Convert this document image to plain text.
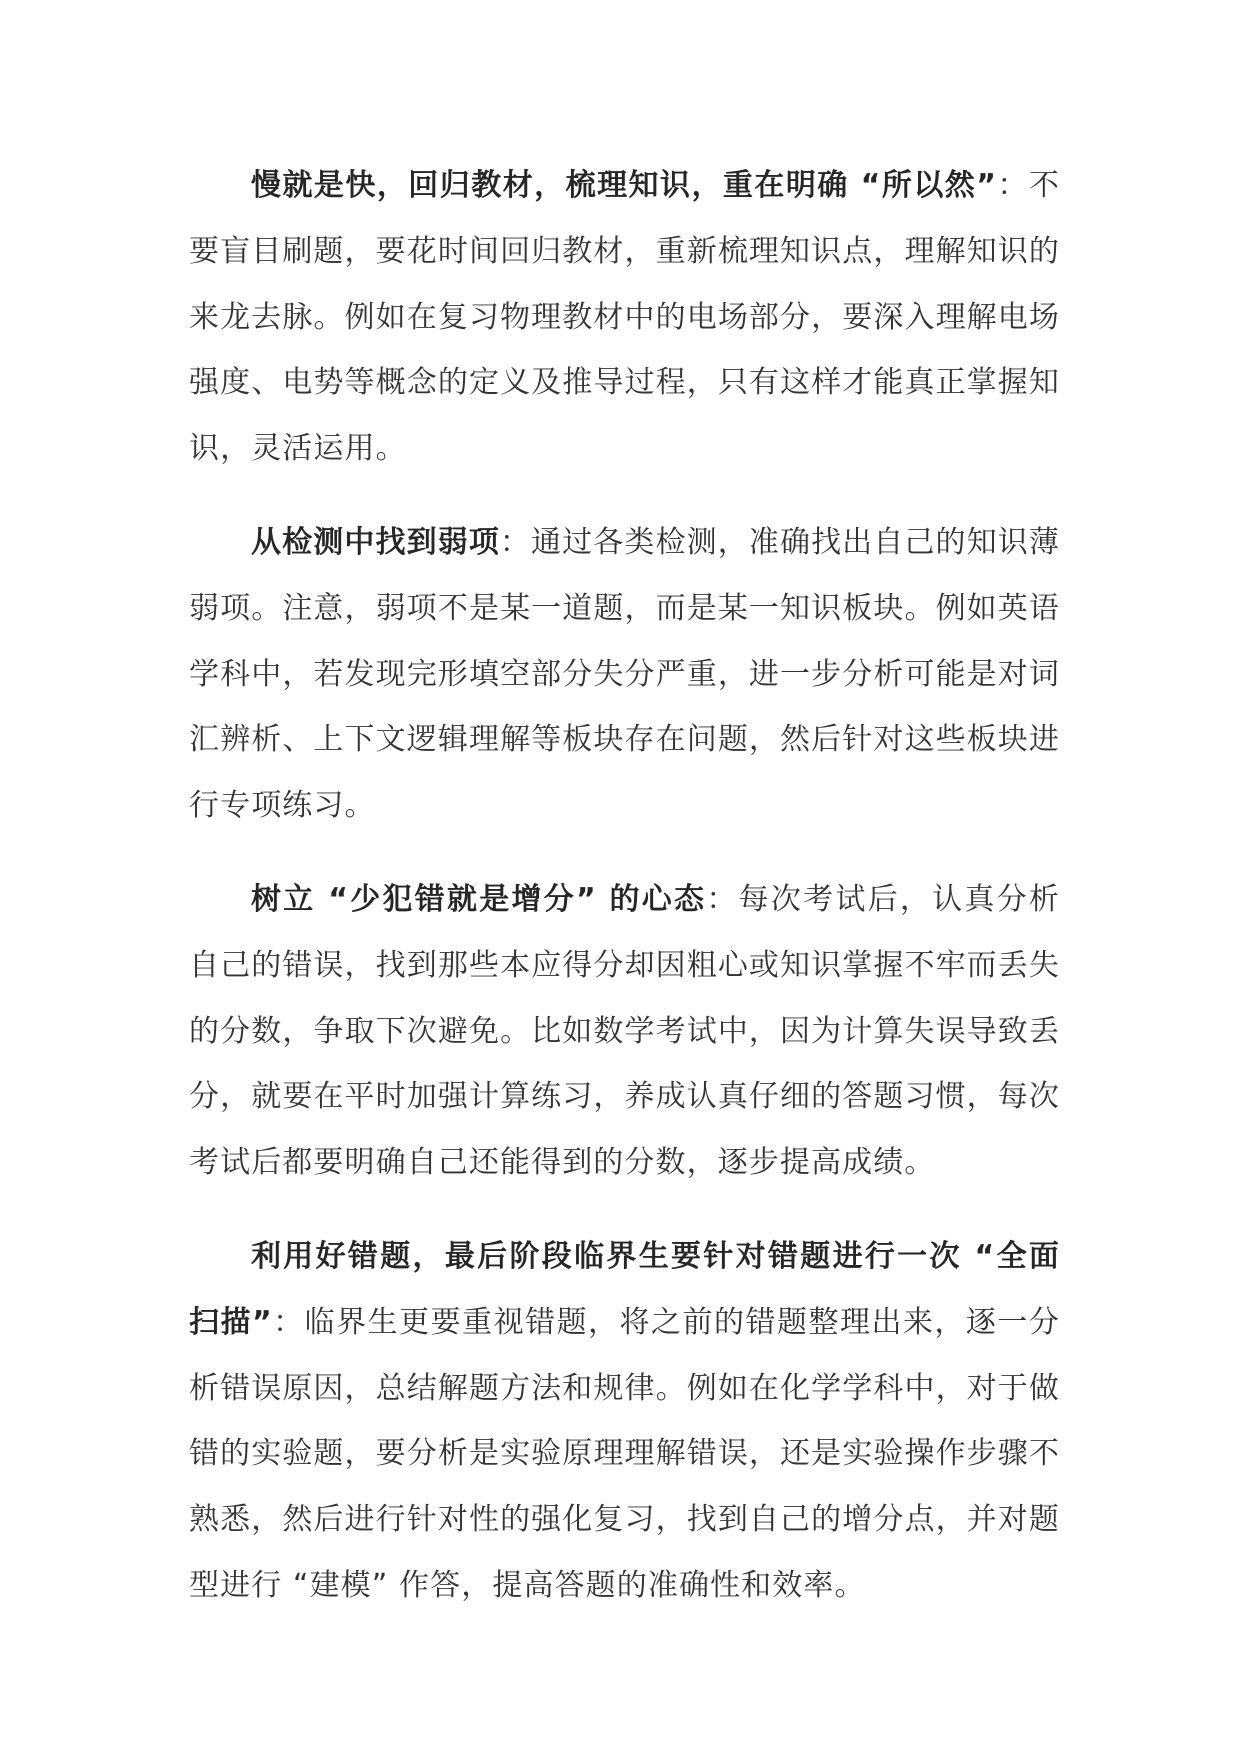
慢就是快，回归教材，梳理知识，重在明确 “所以然”：不要盲目刷题，要花时间回归教材，重新梳理知识点，理解知识的来龙去脉。例如在复习物理教材中的电场部分，要深入理解电场强度、电势等概念的定义及推导过程，只有这样才能真正掌握知识，灵活运用。

从检测中找到弱项：通过各类检测，准确找出自己的知识薄弱项。注意，弱项不是某一道题，而是某一知识板块。例如英语学科中，若发现完形填空部分失分严重，进一步分析可能是对词汇辨析、上下文逻辑理解等板块存在问题，然后针对这些板块进行专项练习。

树立 “少犯错就是增分” 的心态：每次考试后，认真分析自己的错误，找到那些本应得分却因粗心或知识掌握不牢而丢失的分数，争取下次避免。比如数学考试中，因为计算失误导致丢分，就要在平时加强计算练习，养成认真仔细的答题习惯，每次考试后都要明确自己还能得到的分数，逐步提高成绩。

利用好错题，最后阶段临界生要针对错题进行一次 “全面扫描”：临界生更要重视错题，将之前的错题整理出来，逐一分析错误原因，总结解题方法和规律。例如在化学学科中，对于做错的实验题，要分析是实验原理理解错误，还是实验操作步骤不熟悉，然后进行针对性的强化复习，找到自己的增分点，并对题型进行 “建模” 作答，提高答题的准确性和效率。
